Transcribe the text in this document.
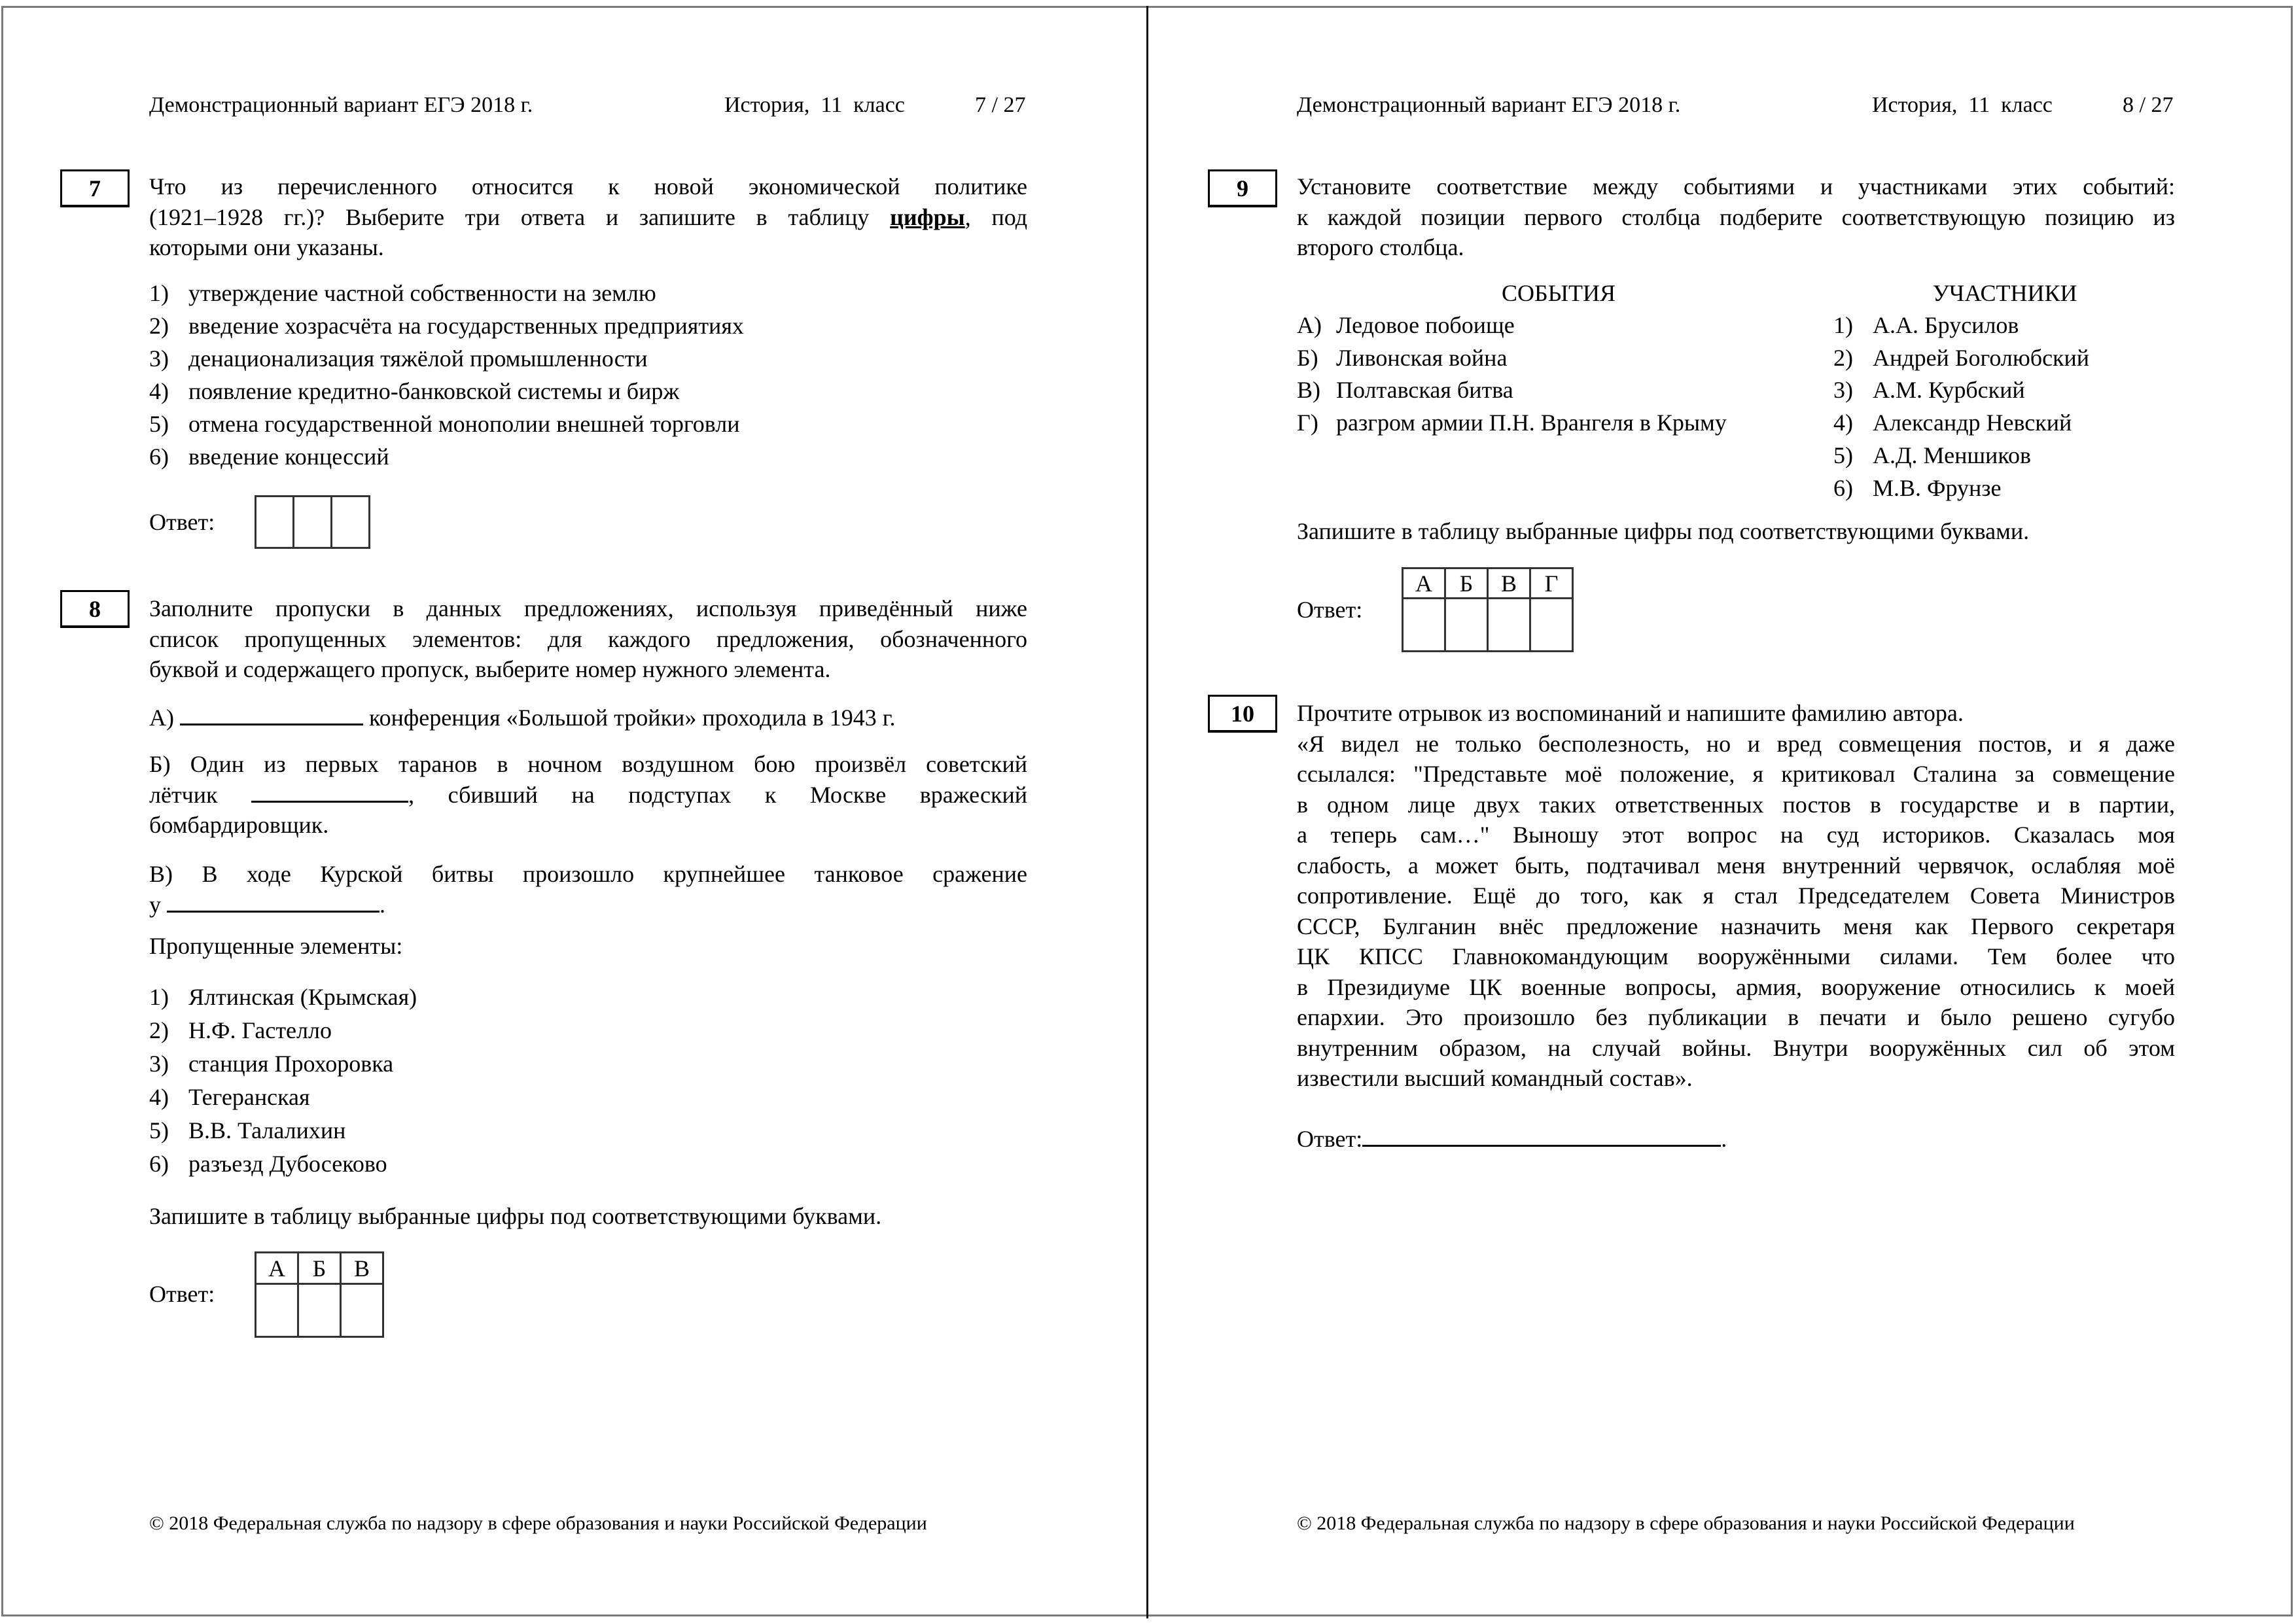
Демонстрационный вариант ЕГЭ 2018 г.	История,  11  класс	7 / 27
7 Что из перечисленного относится к новой экономической политике
(1921–1928 гг.)? Выберите три ответа и запишите в таблицу цифры, под
которыми они указаны.
1) утверждение частной собственности на землю
2) введение хозрасчёта на государственных предприятиях
3) денационализация тяжёлой промышленности
4) появление кредитно-банковской системы и бирж
5) отмена государственной монополии внешней торговли
6) введение концессий
Ответ:

8 Заполните пропуски в данных предложениях, используя приведённый ниже
список пропущенных элементов: для каждого предложения, обозначенного
буквой и содержащего пропуск, выберите номер нужного элемента.
А)	конференция «Большой тройки» проходила в 1943 г.
Б) Один из первых таранов в ночном воздушном бою произвёл советский
лётчик	, сбивший на подступах к Москве вражеский
бомбардировщик.
В) В ходе Курской битвы произошло крупнейшее танковое сражение
у	.
Пропущенные элементы:
1) Ялтинская (Крымская)
2) Н.Ф. Гастелло
3) станция Прохоровка
4) Тегеранская
5) В.В. Талалихин
6) разъезд Дубосеково
Запишите в таблицу выбранные цифры под соответствующими буквами.
Ответ:
А	Б	В

© 2018 Федеральная служба по надзору в сфере образования и науки Российской Федерации
Демонстрационный вариант ЕГЭ 2018 г.	История,  11  класс	8 / 27
9 Установите соответствие между событиями и участниками этих событий:
к каждой позиции первого столбца подберите соответствующую позицию из
второго столбца.
СОБЫТИЯ	УЧАСТНИКИ
А) Ледовое побоище
Б) Ливонская война
В) Полтавская битва
Г) разгром армии П.Н. Врангеля в Крыму
1) А.А. Брусилов
2) Андрей Боголюбский
3) А.М. Курбский
4) Александр Невский
5) А.Д. Меншиков
6) М.В. Фрунзе
Запишите в таблицу выбранные цифры под соответствующими буквами.
Ответ:
А	Б	В	Г

10 Прочтите отрывок из воспоминаний и напишите фамилию автора.
«Я видел не только бесполезность, но и вред совмещения постов, и я даже
ссылался: "Представьте моё положение, я критиковал Сталина за совмещение
в одном лице двух таких ответственных постов в государстве и в партии,
а теперь сам…" Выношу этот вопрос на суд историков. Сказалась моя
слабость, а может быть, подтачивал меня внутренний червячок, ослабляя моё
сопротивление. Ещё до того, как я стал Председателем Совета Министров
СССР, Булганин внёс предложение назначить меня как Первого секретаря
ЦК КПСС Главнокомандующим вооружёнными силами. Тем более что
в Президиуме ЦК военные вопросы, армия, вооружение относились к моей
епархии. Это произошло без публикации в печати и было решено сугубо
внутренним образом, на случай войны. Внутри вооружённых сил об этом
известили высший командный состав».
Ответ:	.
© 2018 Федеральная служба по надзору в сфере образования и науки Российской Федерации
